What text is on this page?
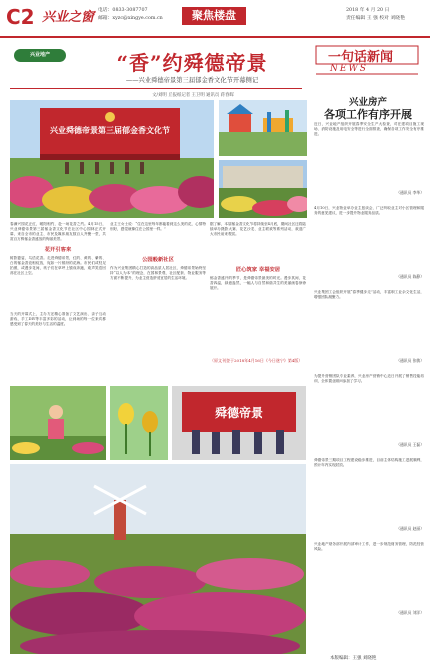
C2 兴业之窗 电话：0833-3087707
邮箱：xyzc@xingye.com.cn	聚焦楼盘	2018 年 4 月 20 日
责任编辑 王 强 校对 刘晓艳
兴业地产	“香”约舜德帝景
——兴业舜德帝景第三届郁金香文化节开幕侧记
文/刘明 丘报纸记者 王卫明 通讯员 蒋春晖
兴业舜德帝景第三届郁金香文化节
春满兴园花正红，暖阳相约，赴一场花香之约。4月15日，兴业舜德帝景第三届郁金香文化节在社区中心园林正式开幕，来自全市的业主、市民及媒体朋友数百人齐聚一堂，共赏百万株郁金香盛放的绚丽美景。
花开引客来
树影婆娑，鸟语花香。走进舜德帝景，红的、黄的、紫的、白的郁金香竞相绽放，宛如一片缤纷的花海。市民们或驻足拍照，或漫步花间，孩子们在草坪上嬉戏奔跑，欢声笑语回荡在社区上空。
当天的开幕式上，主办方还精心准备了文艺演出、亲子互动游戏、手工DIY等丰富多彩的活动，让到场的每一位来宾都感受到了春天的美好与生活的温度。
业主王女士说：“住在这里每年都能看到这么美的花，心情特别好，感觉就像住在公园里一样。”
公园般新社区
作为兴业集团精心打造的高品质人居社区，舜德帝景始终坚持“以人为本”的理念，在园林景观、社区配套、物业服务等方面不断提升，为业主营造舒适宜居的生活环境。
据了解，本届郁金香文化节将持续至4月底，期间社区还将陆续举办摄影大赛、花艺沙龙、业主联欢等系列活动，欢迎广大市民前来观赏。
匠心筑家 幸福安居
郁金香盛开的季节，是舜德帝景最美的时光。漫步其间，花香四溢，绿意盎然，一幅人与自然和谐共生的美丽画卷徐徐展开。
（原文刊登于2018年4月16日《今日遂宁》第4版）
舜德帝景
一句话新闻
NEWS
兴业房产
各项工作有序开展
近日，兴业地产组织开展春季安全生产大检查，对在建项目施工现场、消防设施及用电安全等进行全面排查，确保各项工作安全有序推进。
（通讯员 李华）
4月10日，兴业物业举办业主恳谈会，广泛听取业主对小区管理和服务的意见建议，进一步提升物业服务品质。
（通讯员 陈静）
兴业集团工会组织开展“春季健步走”活动，丰富职工业余文化生活，增强团队凝聚力。
（通讯员 张敏）
为提升营销团队专业素养，兴业房产营销中心近日开展了销售技能培训，全体置业顾问参加了学习。
（通讯员 王磊）
舜德帝景三期项目工程建设稳步推进，目前主体结构施工进展顺利，预计年内实现封顶。
（通讯员 赵丽）
兴业地产财务部开展内部审计工作，进一步规范财务管理，防范经营风险。
（通讯员 刘洋）
本版编辑：王强 刘晓艳
